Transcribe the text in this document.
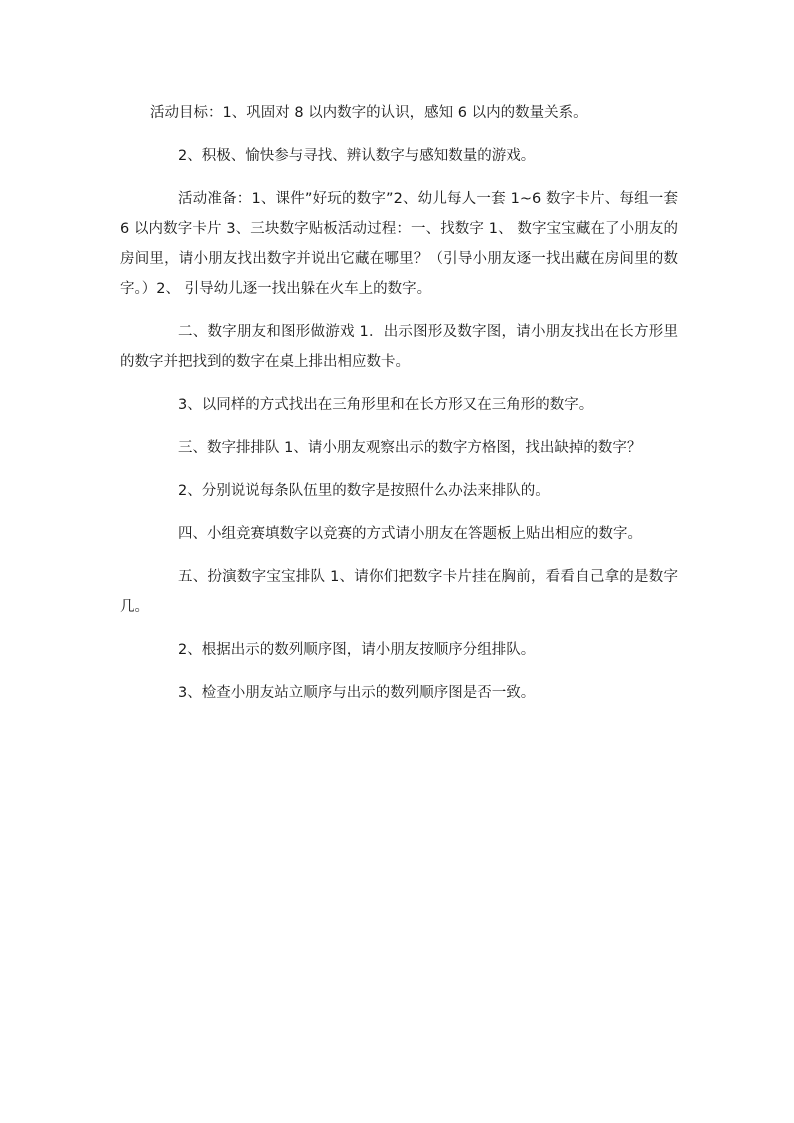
活动目标：1、巩固对 8 以内数字的认识，感知 6 以内的数量关系。

2、积极、愉快参与寻找、辨认数字与感知数量的游戏。

活动准备：1、课件”好玩的数字”2、幼儿每人一套 1~6 数字卡片、每组一套 6 以内数字卡片 3、三块数字贴板活动过程：一、找数字 1、 数字宝宝藏在了小朋友的房间里，请小朋友找出数字并说出它藏在哪里？（引导小朋友逐一找出藏在房间里的数字。）2、 引导幼儿逐一找出躲在火车上的数字。

二、数字朋友和图形做游戏 1．出示图形及数字图，请小朋友找出在长方形里的数字并把找到的数字在桌上排出相应数卡。

3、以同样的方式找出在三角形里和在长方形又在三角形的数字。

三、数字排排队 1、请小朋友观察出示的数字方格图，找出缺掉的数字？

2、分别说说每条队伍里的数字是按照什么办法来排队的。

四、小组竞赛填数字以竞赛的方式请小朋友在答题板上贴出相应的数字。

五、扮演数字宝宝排队 1、请你们把数字卡片挂在胸前，看看自己拿的是数字几。

2、根据出示的数列顺序图，请小朋友按顺序分组排队。

3、检查小朋友站立顺序与出示的数列顺序图是否一致。
